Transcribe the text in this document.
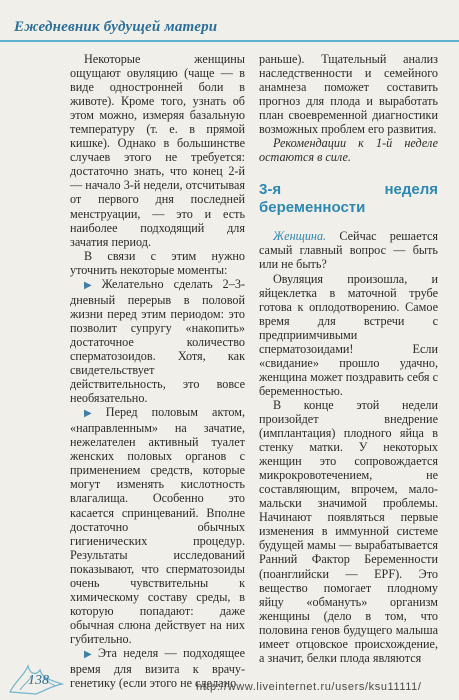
Ежедневник будущей матери

Некоторые женщины ощущают овуляцию (чаще — в виде одностронней боли в животе). Кроме того, узнать об этом можно, измеряя базальную температуру (т. е. в прямой кишке). Однако в большинстве случаев этого не требуется: достаточно знать, что конец 2-й — начало 3-й недели, отсчитывая от первого дня последней менструации, — это и есть наиболее подходящий для зачатия период.

В связи с этим нужно уточнить некоторые моменты:

▶ Желательно сделать 2–3-дневный перерыв в половой жизни перед этим периодом: это позволит супругу «накопить» достаточное количество сперматозоидов. Хотя, как свидетельствует действительность, это вовсе необязательно.

▶ Перед половым актом, «направленным» на зачатие, нежелателен активный туалет женских половых органов с применением средств, которые могут изменять кислотность влагалища. Особенно это касается спринцеваний. Вполне достаточно обычных гигиенических процедур. Результаты исследований показывают, что сперматозоиды очень чувствительны к химическому составу среды, в которую попадают: даже обычная слюна действует на них губительно.

▶ Эта неделя — подходящее время для визита к врачу-генетику (если этого не сделано

раньше). Тщательный анализ наследственности и семейного анамнеза поможет составить прогноз для плода и выработать план своевременной диагностики возможных проблем его развития.

Рекомендации к 1-й неделе остаются в силе.

3-я неделя беременности

Женщина. Сейчас решается самый главный вопрос — быть или не быть?

Овуляция произошла, и яйцеклетка в маточной трубе готова к оплодотворению. Самое время для встречи с предприимчивыми сперматозоидами! Если «свидание» прошло удачно, женщина может поздравить себя с беременностью.

В конце этой недели произойдет внедрение (имплантация) плодного яйца в стенку матки. У некоторых женщин это сопровождается микрокровотечением, не составляющим, впрочем, мало-мальски значимой проблемы. Начинают появляться первые изменения в иммунной системе будущей мамы — вырабатывается Ранний Фактор Беременности (поанглийски — EPF). Это вещество помогает плодному яйцу «обмануть» организм женщины (дело в том, что половина генов будущего малыша имеет отцовское происхождение, а значит, белки плода являются

138	http://www.liveinternet.ru/users/ksu11111/
